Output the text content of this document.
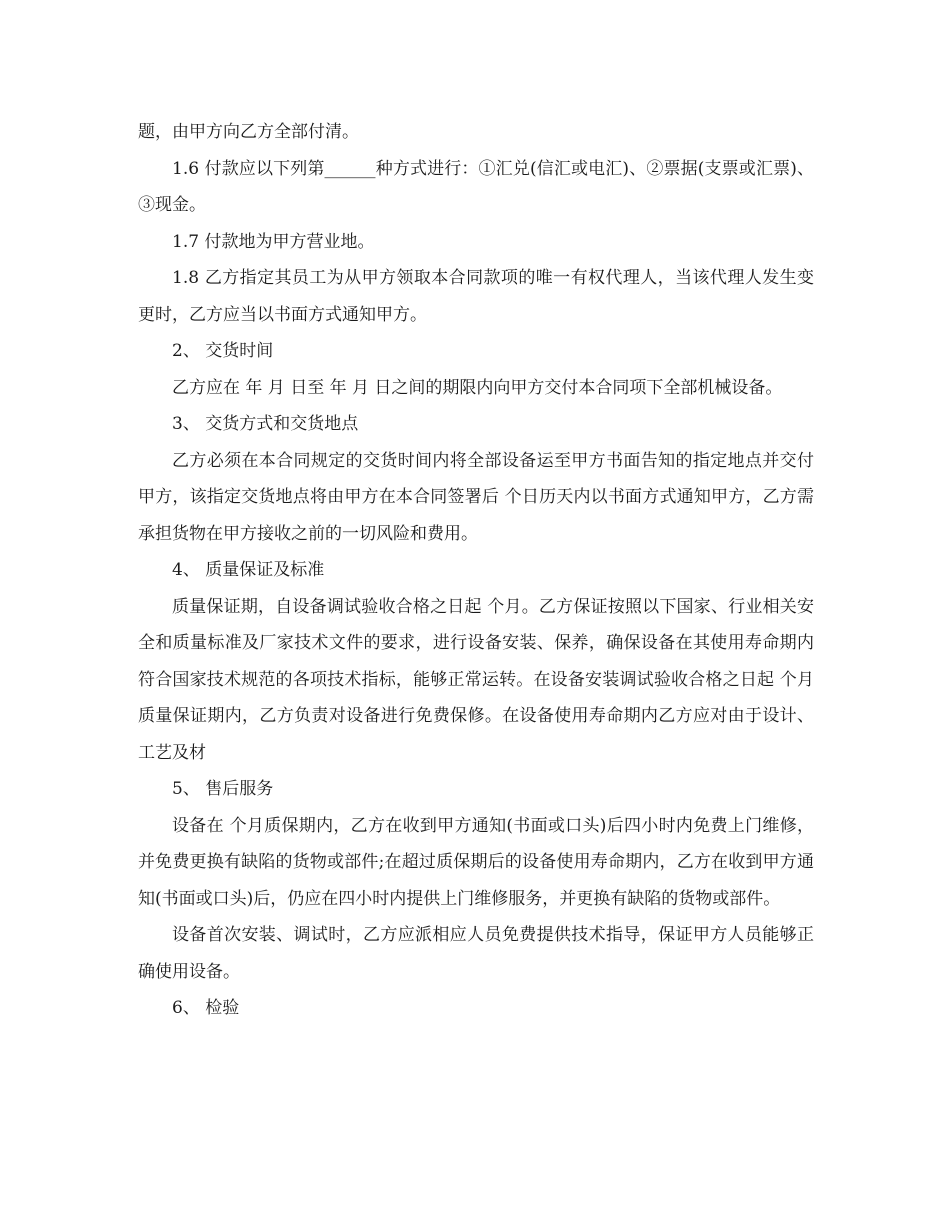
题，由甲方向乙方全部付清。

1.6 付款应以下列第______种方式进行：①汇兑(信汇或电汇)、②票据(支票或汇票)、③现金。

1.7 付款地为甲方营业地。

1.8 乙方指定其员工为从甲方领取本合同款项的唯一有权代理人，当该代理人发生变更时，乙方应当以书面方式通知甲方。

2、 交货时间

乙方应在 年 月 日至 年 月 日之间的期限内向甲方交付本合同项下全部机械设备。

3、 交货方式和交货地点

乙方必须在本合同规定的交货时间内将全部设备运至甲方书面告知的指定地点并交付甲方，该指定交货地点将由甲方在本合同签署后 个日历天内以书面方式通知甲方，乙方需承担货物在甲方接收之前的一切风险和费用。

4、 质量保证及标准

质量保证期，自设备调试验收合格之日起 个月。乙方保证按照以下国家、行业相关安全和质量标准及厂家技术文件的要求，进行设备安装、保养，确保设备在其使用寿命期内符合国家技术规范的各项技术指标，能够正常运转。在设备安装调试验收合格之日起 个月质量保证期内，乙方负责对设备进行免费保修。在设备使用寿命期内乙方应对由于设计、工艺及材

5、 售后服务

设备在 个月质保期内，乙方在收到甲方通知(书面或口头)后四小时内免费上门维修，并免费更换有缺陷的货物或部件;在超过质保期后的设备使用寿命期内，乙方在收到甲方通知(书面或口头)后，仍应在四小时内提供上门维修服务，并更换有缺陷的货物或部件。

设备首次安装、调试时，乙方应派相应人员免费提供技术指导，保证甲方人员能够正确使用设备。

6、 检验
